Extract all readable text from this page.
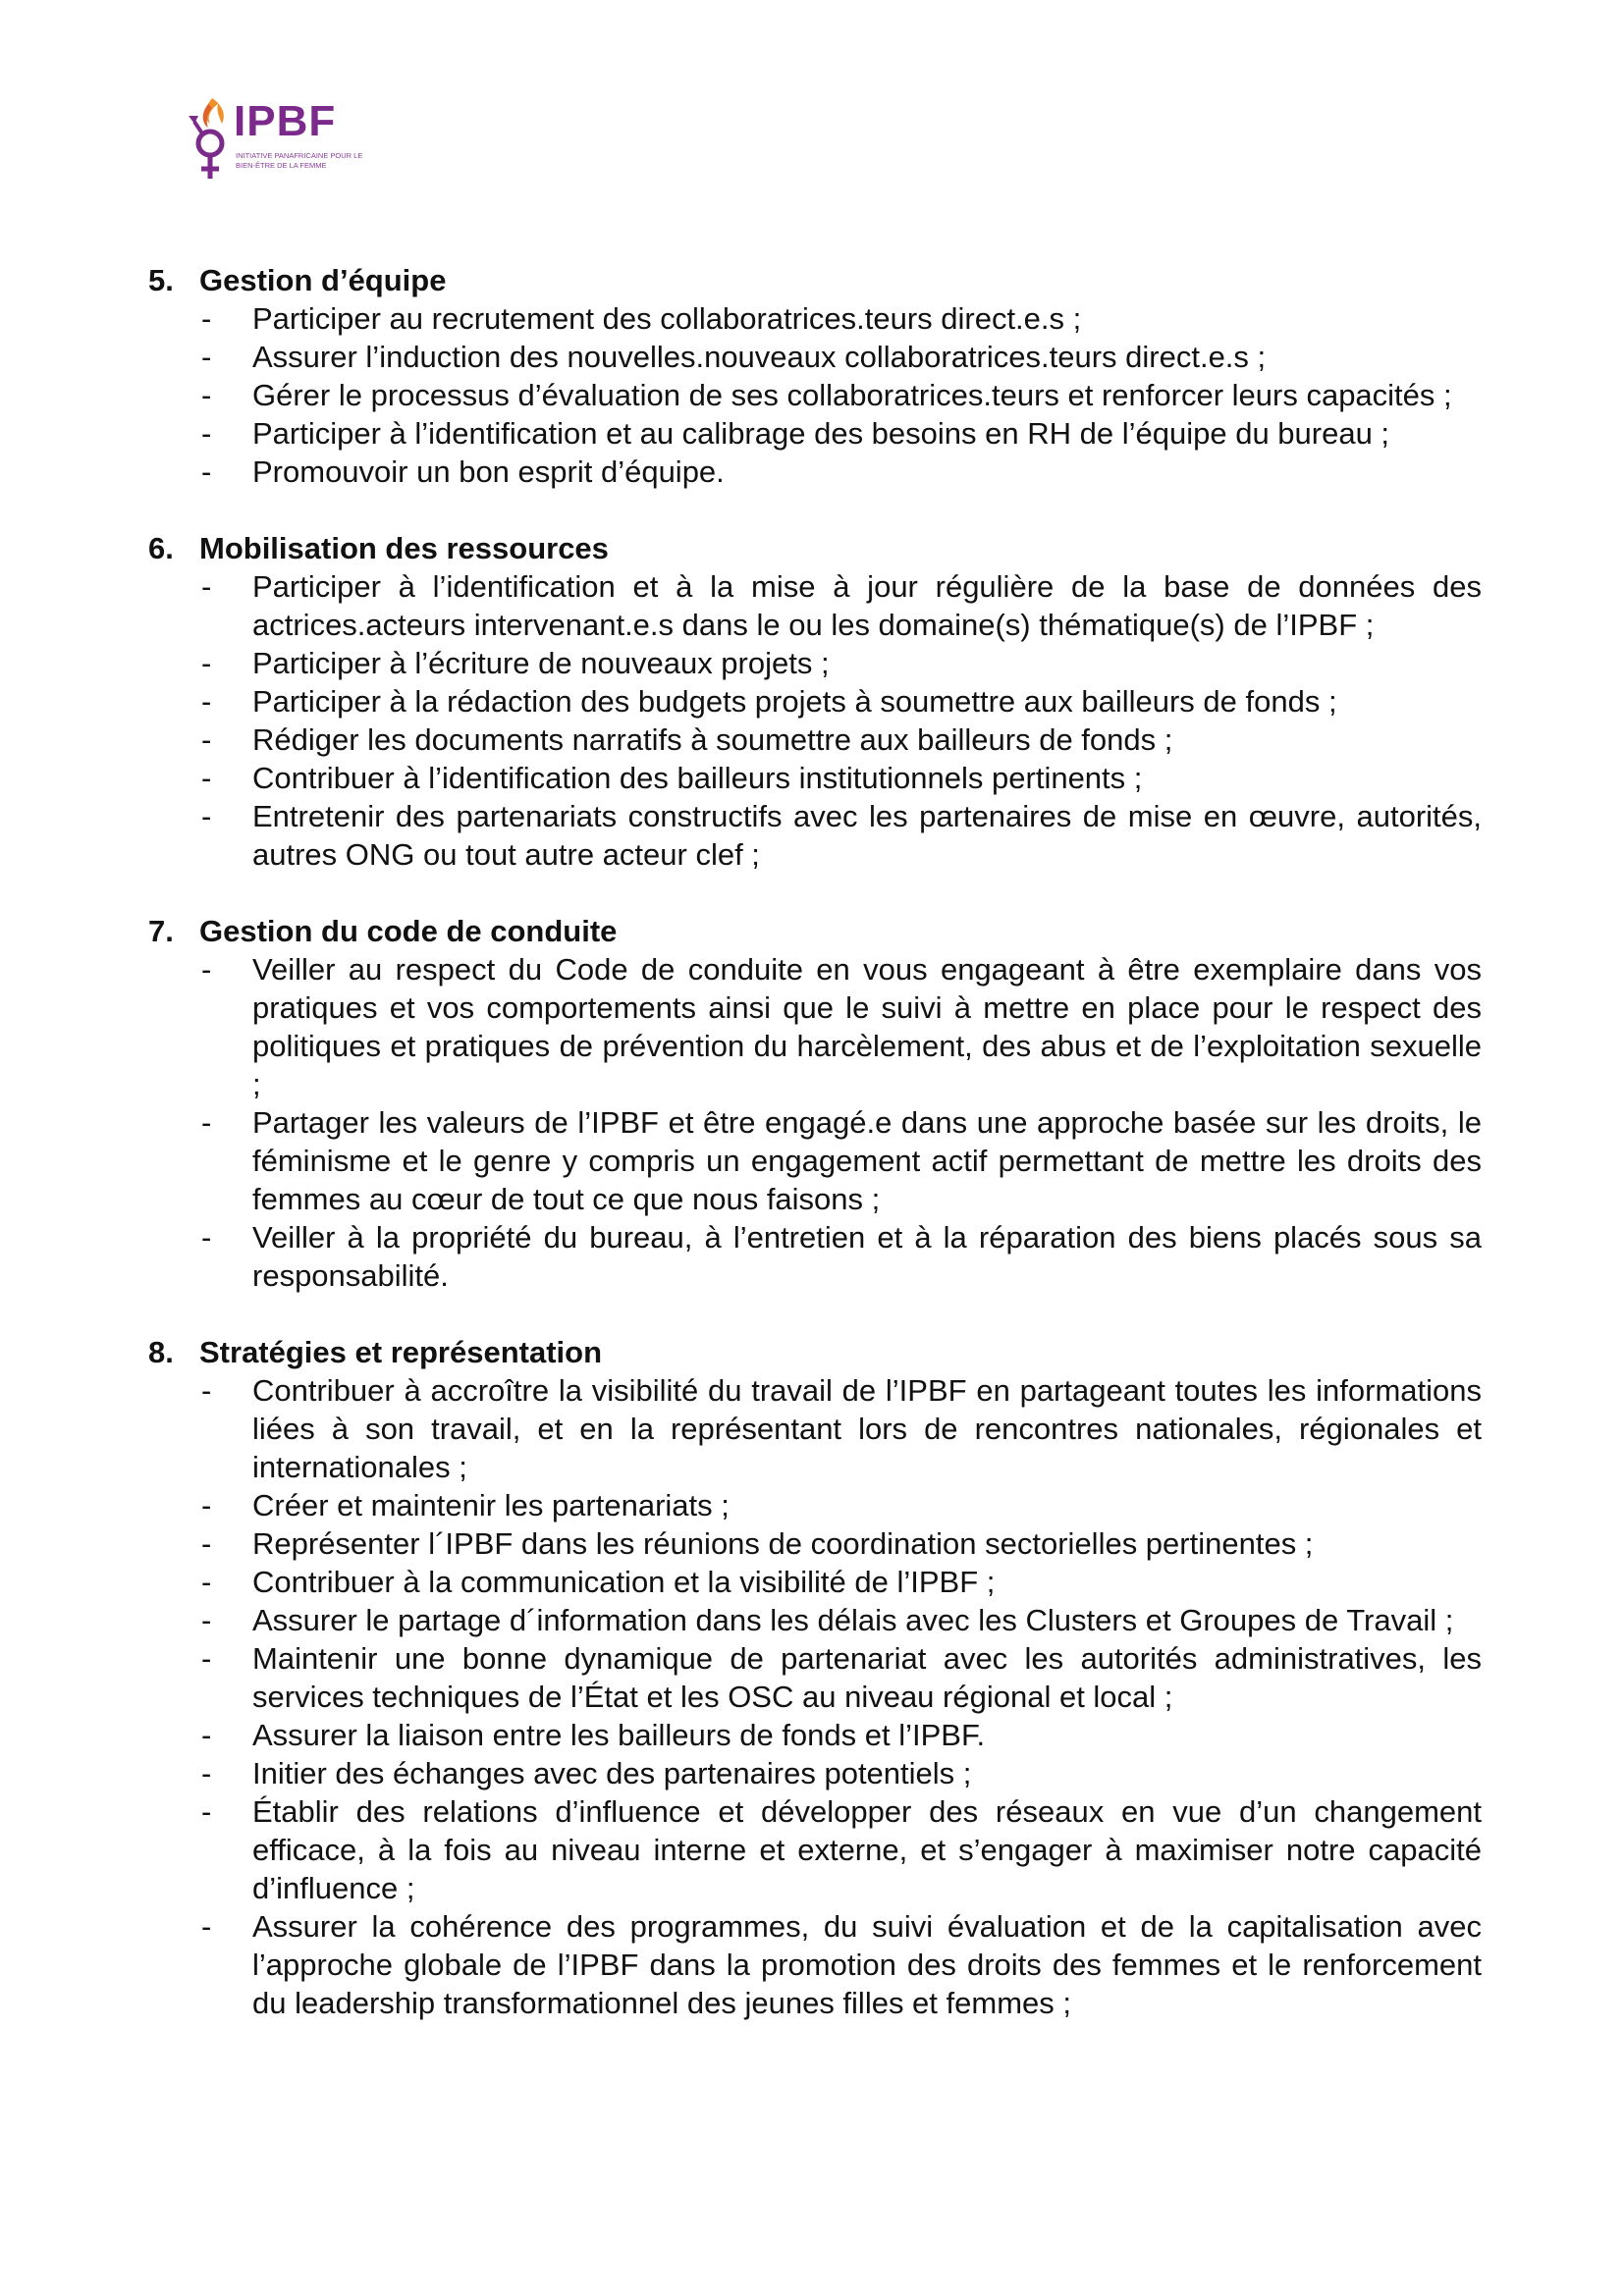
IPBF
INITIATIVE PANAFRICAINE POUR LE BIEN-ÊTRE DE LA FEMME
5. Gestion d’équipe
-	Participer au recrutement des collaboratrices.teurs direct.e.s ;
-	Assurer l’induction des nouvelles.nouveaux collaboratrices.teurs direct.e.s ;
-	Gérer le processus d’évaluation de ses collaboratrices.teurs et renforcer leurs capacités ;
-	Participer à l’identification et au calibrage des besoins en RH de l’équipe du bureau ;
-	Promouvoir un bon esprit d’équipe.
6. Mobilisation des ressources
-	Participer à l’identification et à la mise à jour régulière de la base de données des actrices.acteurs intervenant.e.s dans le ou les domaine(s) thématique(s) de l’IPBF ;
-	Participer à l’écriture de nouveaux projets ;
-	Participer à la rédaction des budgets projets à soumettre aux bailleurs de fonds ;
-	Rédiger les documents narratifs à soumettre aux bailleurs de fonds ;
-	Contribuer à l’identification des bailleurs institutionnels pertinents ;
-	Entretenir des partenariats constructifs avec les partenaires de mise en œuvre, autorités, autres ONG ou tout autre acteur clef ;
7. Gestion du code de conduite
-	Veiller au respect du Code de conduite en vous engageant à être exemplaire dans vos pratiques et vos comportements ainsi que le suivi à mettre en place pour le respect des politiques et pratiques de prévention du harcèlement, des abus et de l’exploitation sexuelle ;
-	Partager les valeurs de l’IPBF et être engagé.e dans une approche basée sur les droits, le féminisme et le genre y compris un engagement actif permettant de mettre les droits des femmes au cœur de tout ce que nous faisons ;
-	Veiller à la propriété du bureau, à l’entretien et à la réparation des biens placés sous sa responsabilité.
8. Stratégies et représentation
-	Contribuer à accroître la visibilité du travail de l’IPBF en partageant toutes les informations liées à son travail, et en la représentant lors de rencontres nationales, régionales et internationales ;
-	Créer et maintenir les partenariats ;
-	Représenter l´IPBF dans les réunions de coordination sectorielles pertinentes ;
-	Contribuer à la communication et la visibilité de l’IPBF ;
-	Assurer le partage d´information dans les délais avec les Clusters et Groupes de Travail ;
-	Maintenir une bonne dynamique de partenariat avec les autorités administratives, les services techniques de l’État et les OSC au niveau régional et local ;
-	Assurer la liaison entre les bailleurs de fonds et l’IPBF.
-	Initier des échanges avec des partenaires potentiels ;
-	Établir des relations d’influence et développer des réseaux en vue d’un changement efficace, à la fois au niveau interne et externe, et s’engager à maximiser notre capacité d’influence ;
-	Assurer la cohérence des programmes, du suivi évaluation et de la capitalisation avec l’approche globale de l’IPBF dans la promotion des droits des femmes et le renforcement du leadership transformationnel des jeunes filles et femmes ;
